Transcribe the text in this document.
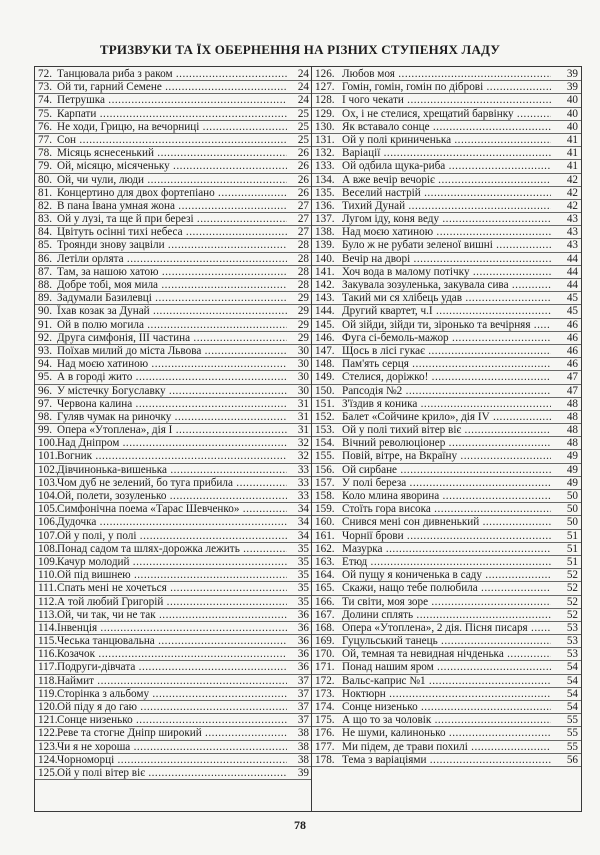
ТРИЗВУКИ ТА ЇХ ОБЕРНЕННЯ НА РІЗНИХ СТУПЕНЯХ ЛАДУ
72. Танцювала риба з раком .....	24
73. Ой ти, гарний Семене .....	24
74. Петрушка .....	24
75. Карпати .....	25
76. Не ходи, Грицю, на вечорниці .....	25
77. Сон .....	25
78. Місяць яснесенький .....	26
79. Ой, місяцю, місяченьку .....	26
80. Ой, чи чули, люди .....	26
81. Концертино для двох фортепіано .....	26
82. В пана Івана умная жона .....	27
83. Ой у лузі, та ще й при березі .....	27
84. Цвітуть осінні тихі небеса .....	27
85. Троянди знову зацвіли .....	28
86. Летіли орлята .....	28
87. Там, за нашою хатою .....	28
88. Добре тобі, моя мила .....	28
89. Задумали Базилевці .....	29
90. Їхав козак за Дунай .....	29
91. Ой в полю могила .....	29
92. Друга симфонія, ІІІ частина .....	29
93. Поїхав милий до міста Львова .....	30
94. Над моєю хатиною .....	30
95. А в городі жито .....	30
96. У містечку Богуславку .....	30
97. Червона калина .....	31
98. Гуляв чумак на риночку .....	31
99. Опера «Утоплена», дія І .....	31
100. Над Дніпром .....	32
101. Вогник .....	32
102. Дівчинонька-вишенька .....	33
103. Чом дуб не зелений, бо туга прибила .....	33
104. Ой, полети, зозуленько .....	33
105. Симфонічна поема «Тарас Шевченко» .....	34
106. Дудочка .....	34
107. Ой у полі, у полі .....	34
108. Понад садом та шлях-дорожка лежить .....	35
109. Качур молодий .....	35
110. Ой під вишнею .....	35
111. Спать мені не хочеться .....	35
112. А той любий Григорій .....	35
113. Ой, чи так, чи не так .....	36
114. Інвенція .....	36
115. Чеська танцювальна .....	36
116. Козачок .....	36
117. Подруги-дівчата .....	36
118. Наймит .....	37
119. Сторінка з альбому .....	37
120. Ой піду я до гаю .....	37
121. Сонце низенько .....	37
122. Реве та стогне Дніпр широкий .....	38
123. Чи я не хороша .....	38
124. Чорноморці .....	38
125. Ой у полі вітер віє .....	39
126. Любов моя .....	39
127. Гомін, гомін, гомін по діброві .....	39
128. І чого чекати .....	40
129. Ох, і не стелися, хрещатий барвінку .....	40
130. Як вставало сонце .....	40
131. Ой у полі криниченька .....	41
132. Варіації .....	41
133. Ой одбила щука-риба .....	41
134. А вже вечір вечоріє .....	42
135. Веселий настрій .....	42
136. Тихий Дунай .....	42
137. Лугом іду, коня веду .....	43
138. Над моєю хатиною .....	43
139. Було ж не рубати зеленої вишні .....	43
140. Вечір на дворі .....	44
141. Хоч вода в малому потічку .....	44
142. Закувала зозуленька, закувала сива .....	44
143. Такий ми ся хлібець удав .....	45
144. Другий квартет, ч.І .....	45
145. Ой зійди, зійди ти, зіронько та вечірняя .....	46
146. Фуга сі-бемоль-мажор .....	46
147. Щось в лісі гукає .....	46
148. Пам'ять серця .....	46
149. Стелися, доріжко! .....	47
150. Рапсодія №2 .....	47
151. З'їздив я коника .....	48
152. Балет «Сойчине крило», дія IV .....	48
153. Ой у полі тихий вітер віє .....	48
154. Вічний революціонер .....	48
155. Повій, вітре, на Вкраїну .....	49
156. Ой сирбане .....	49
157. У полі береза .....	49
158. Коло млина яворина .....	50
159. Стоїть гора висока .....	50
160. Снився мені сон дивненький .....	50
161. Чорнії брови .....	51
162. Мазурка .....	51
163. Етюд .....	51
164. Ой пущу я кониченька в саду .....	52
165. Скажи, нащо тебе полюбила .....	52
166. Ти світи, моя зоре .....	52
167. Долини сплять .....	52
168. Опера «Утоплена», 2 дія. Пісня писаря .....	53
169. Гуцульський танець .....	53
170. Ой, темная та невидная нічденька .....	53
171. Понад нашим яром .....	54
172. Вальс-каприс №1 .....	54
173. Ноктюрн .....	54
174. Сонце низенько .....	54
175. А що то за чоловік .....	55
176. Не шуми, калинонько .....	55
177. Ми підем, де трави похилі .....	55
178. Тема з варіаціями .....	56
78
